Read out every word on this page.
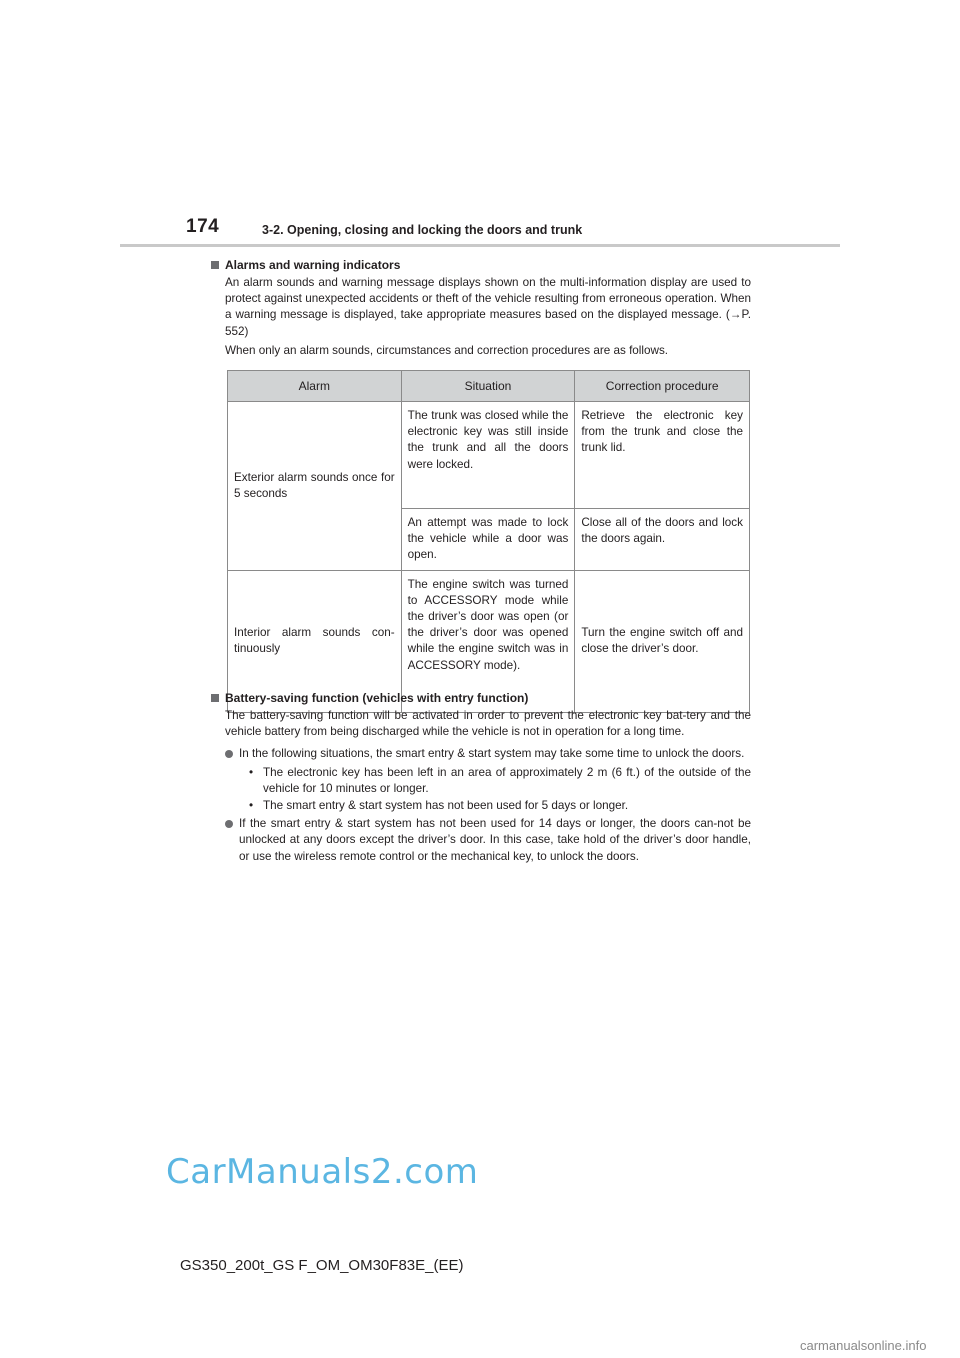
174	3-2. Opening, closing and locking the doors and trunk
Alarms and warning indicators
An alarm sounds and warning message displays shown on the multi-information display are used to protect against unexpected accidents or theft of the vehicle resulting from erroneous operation. When a warning message is displayed, take appropriate measures based on the displayed message. (→P. 552)
When only an alarm sounds, circumstances and correction procedures are as follows.
Alarm	Situation	Correction procedure
Exterior alarm sounds once for 5 seconds	The trunk was closed while the electronic key was still inside the trunk and all the doors were locked.	Retrieve the electronic key from the trunk and close the trunk lid.
	An attempt was made to lock the vehicle while a door was open.	Close all of the doors and lock the doors again.
Interior alarm sounds con-tinuously	The engine switch was turned to ACCESSORY mode while the driver’s door was open (or the driver’s door was opened while the engine switch was in ACCESSORY mode).	Turn the engine switch off and close the driver’s door.
Battery-saving function (vehicles with entry function)
The battery-saving function will be activated in order to prevent the electronic key bat-tery and the vehicle battery from being discharged while the vehicle is not in operation for a long time.
In the following situations, the smart entry & start system may take some time to unlock the doors.
• The electronic key has been left in an area of approximately 2 m (6 ft.) of the outside of the vehicle for 10 minutes or longer.
• The smart entry & start system has not been used for 5 days or longer.
If the smart entry & start system has not been used for 14 days or longer, the doors can-not be unlocked at any doors except the driver’s door. In this case, take hold of the driver’s door handle, or use the wireless remote control or the mechanical key, to unlock the doors.
CarManuals2.com
GS350_200t_GS F_OM_OM30F83E_(EE)
carmanualsonline.info
